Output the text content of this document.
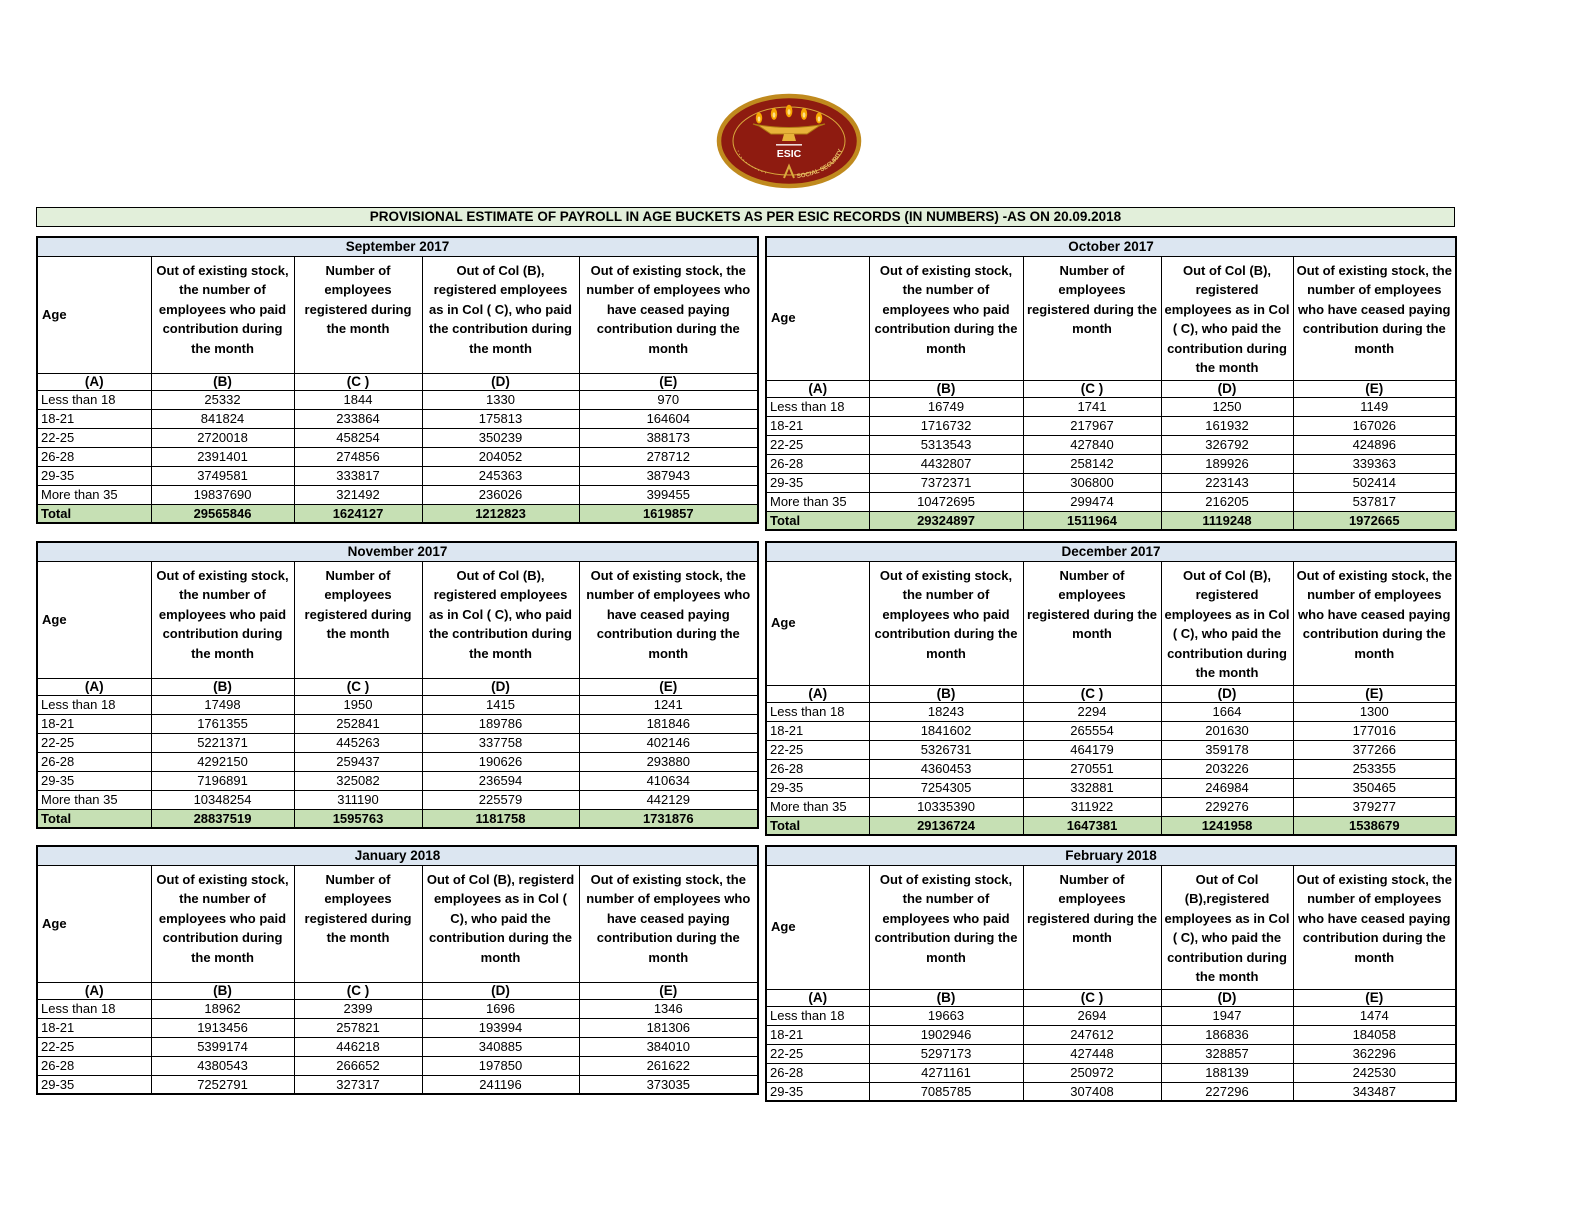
ESIC
SOCIAL SECURITY
· · · · · · · · · · ·
PROVISIONAL ESTIMATE OF PAYROLL IN AGE BUCKETS AS PER ESIC RECORDS (IN NUMBERS) -AS ON 20.09.2018
September 2017				

Age	Out of existing stock, the number of employees who paid contribution during the month	Number of employees registered during the month	Out of Col (B), registered employees as in Col ( C), who paid the contribution during the month	Out of existing stock, the number of employees who have ceased paying contribution during the month

(A)	(B)	(C )	(D)	(E)
Less than 18	25332	1844	1330	970
18-21	841824	233864	175813	164604
22-25	2720018	458254	350239	388173
26-28	2391401	274856	204052	278712
29-35	3749581	333817	245363	387943
More than 35	19837690	321492	236026	399455
Total	29565846	1624127	1212823	1619857
October 2017				

Age	Out of existing stock, the number of employees who paid contribution during the month	Number of employees registered during the month	Out of Col (B), registered employees as in Col ( C), who paid the contribution during the month	Out of existing stock, the number of employees who have ceased paying contribution during the month

(A)	(B)	(C )	(D)	(E)
Less than 18	16749	1741	1250	1149
18-21	1716732	217967	161932	167026
22-25	5313543	427840	326792	424896
26-28	4432807	258142	189926	339363
29-35	7372371	306800	223143	502414
More than 35	10472695	299474	216205	537817
Total	29324897	1511964	1119248	1972665
November 2017				

Age	Out of existing stock, the number of employees who paid contribution during the month	Number of employees registered during the month	Out of Col (B), registered employees as in Col ( C), who paid the contribution during the month	Out of existing stock, the number of employees who have ceased paying contribution during the month

(A)	(B)	(C )	(D)	(E)
Less than 18	17498	1950	1415	1241
18-21	1761355	252841	189786	181846
22-25	5221371	445263	337758	402146
26-28	4292150	259437	190626	293880
29-35	7196891	325082	236594	410634
More than 35	10348254	311190	225579	442129
Total	28837519	1595763	1181758	1731876
December 2017				

Age	Out of existing stock, the number of employees who paid contribution during the month	Number of employees registered during the month	Out of Col (B), registered employees as in Col ( C), who paid the contribution during the month	Out of existing stock, the number of employees who have ceased paying contribution during the month

(A)	(B)	(C )	(D)	(E)
Less than 18	18243	2294	1664	1300
18-21	1841602	265554	201630	177016
22-25	5326731	464179	359178	377266
26-28	4360453	270551	203226	253355
29-35	7254305	332881	246984	350465
More than 35	10335390	311922	229276	379277
Total	29136724	1647381	1241958	1538679
January 2018				

Age	Out of existing stock, the number of employees who paid contribution during the month	Number of employees registered during the month	Out of Col (B), registerd employees as in Col ( C), who paid the contribution during the month	Out of existing stock, the number of employees who have ceased paying contribution during the month

(A)	(B)	(C )	(D)	(E)
Less than 18	18962	2399	1696	1346
18-21	1913456	257821	193994	181306
22-25	5399174	446218	340885	384010
26-28	4380543	266652	197850	261622
29-35	7252791	327317	241196	373035
February 2018				

Age	Out of existing stock, the number of employees who paid contribution during the month	Number of employees registered during the month	Out of Col (B),registered employees as in Col ( C), who paid the contribution during the month	Out of existing stock, the number of employees who have ceased paying contribution during the month

(A)	(B)	(C )	(D)	(E)
Less than 18	19663	2694	1947	1474
18-21	1902946	247612	186836	184058
22-25	5297173	427448	328857	362296
26-28	4271161	250972	188139	242530
29-35	7085785	307408	227296	343487
